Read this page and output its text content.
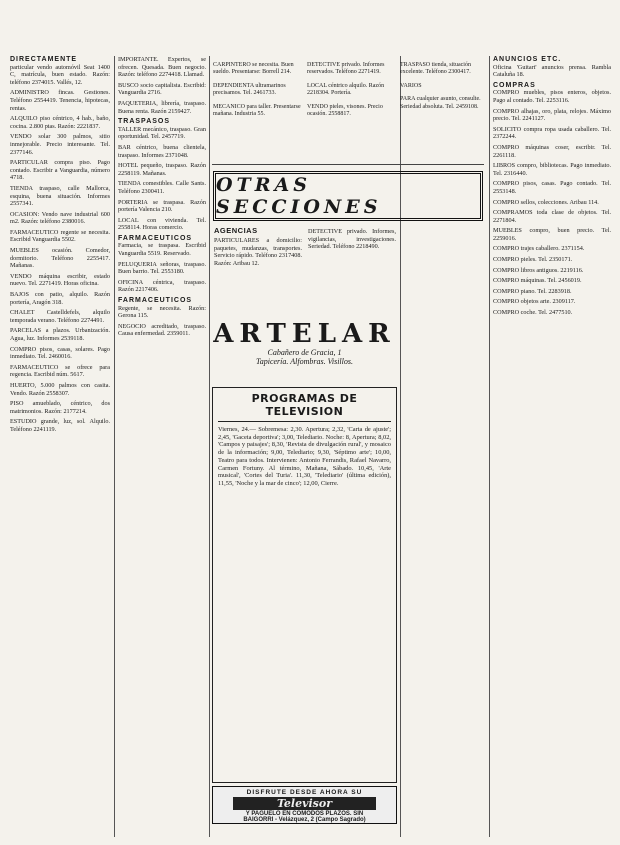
DIRECTAMENTE

particular vendo automóvil Seat 1400 C, matrícula, buen estado. Razón: teléfono 2374015. Vallés, 12.

ADMINISTRO fincas. Gestiones. Teléfono 2554419. Tenencia, hipotecas, rentas.

ALQUILO piso céntrico, 4 hab., baño, cocina. 2.800 ptas. Razón: 2221837.

VENDO solar 300 palmos, sitio inmejorable. Precio interesante. Tel. 2377146.

PARTICULAR compra piso. Pago contado. Escribir a Vanguardia, número 4718.

TIENDA traspaso, calle Mallorca, esquina, buena situación. Informes 2557341.

OCASION: Vendo nave industrial 600 m2. Razón: teléfono 2380016.

FARMACEUTICO regente se necesita. Escribid Vanguardia 5502.

MUEBLES ocasión. Comedor, dormitorio. Teléfono 2255417. Mañanas.

VENDO máquina escribir, estado nuevo. Tel. 2271419. Horas oficina.

BAJOS con patio, alquilo. Razón portería, Aragón 318.

CHALET Castelldefels, alquilo temporada verano. Teléfono 2274491.

PARCELAS a plazos. Urbanización. Agua, luz. Informes 2539118.

COMPRO pisos, casas, solares. Pago inmediato. Tel. 2460016.

FARMACEUTICO se ofrece para regencia. Escribid núm. 5617.

HUERTO, 5.000 palmos con casita. Vendo. Razón 2558307.

PISO amueblado, céntrico, dos matrimonios. Razón: 2177214.

ESTUDIO grande, luz, sol. Alquilo. Teléfono 2241119.

IMPORTANTE. Expertos, se ofrecen. Quesada. Buen negocio. Razón: teléfono 2274418. Llamad.

BUSCO socio capitalista. Escribid: Vanguardia 2716.

PAQUETERIA, librería, traspaso. Buena renta. Razón 2159427.

TRASPASOS

TALLER mecánico, traspaso. Gran oportunidad. Tel. 2457719.

BAR céntrico, buena clientela, traspaso. Informes 2371048.

HOTEL pequeño, traspaso. Razón 2258119. Mañanas.

TIENDA comestibles. Calle Sants. Teléfono 2300411.

PORTERIA se traspasa. Razón portería Valencia 210.

LOCAL con vivienda. Tel. 2558114. Horas comercio.

FARMACEUTICOS

Farmacia, se traspasa. Escribid Vanguardia 5519. Reservado.

PELUQUERIA señoras, traspaso. Buen barrio. Tel. 2553180.

OFICINA céntrica, traspaso. Razón 2217406.

FARMACEUTICOS

Regente, se necesita. Razón: Gerona 115.

NEGOCIO acreditado, traspaso. Causa enfermedad. 2359011.

ANUNCIOS ETC.

Oficina 'Guitart' anuncios prensa. Rambla Cataluña 18.

COMPRAS

COMPRO muebles, pisos enteros, objetos. Pago al contado. Tel. 2253116.

COMPRO alhajas, oro, plata, relojes. Máximo precio. Tel. 2241127.

SOLICITO compra ropa usada caballero. Tel. 2372244.

COMPRO máquinas coser, escribir. Tel. 2261118.

LIBROS compro, bibliotecas. Pago inmediato. Tel. 2316440.

COMPRO pisos, casas. Pago contado. Tel. 2553148.

COMPRO sellos, colecciones. Aribau 114.

COMPRAMOS toda clase de objetos. Tel. 2271804.

MUEBLES compro, buen precio. Tel. 2259016.

COMPRO trajes caballero. 2371154.

COMPRO pieles. Tel. 2350171.

COMPRO libros antiguos. 2219116.

COMPRO máquinas. Tel. 2456019.

COMPRO piano. Tel. 2283918.

COMPRO objetos arte. 2309117.

COMPRO coche. Tel. 2477510.

CARPINTERO se necesita. Buen sueldo. Presentarse: Borrell 214.

DEPENDIENTA ultramarinos precisamos. Tel. 2461733.

MECANICO para taller. Presentarse mañana. Industria 55.

DETECTIVE privado. Informes reservados. Teléfono 2271419.

LOCAL céntrico alquilo. Razón 2218304. Portería.

VENDO pieles, visones. Precio ocasión. 2558817.

TRASPASO tienda, situación excelente. Teléfono 2300417.

VARIOS

PARA cualquier asunto, consulte. Seriedad absoluta. Tel. 2459108.

OTRAS SECCIONES
AGENCIAS
PARTICULARES a domicilio: paquetes, mudanzas, transportes. Servicio rápido. Teléfono 2317408. Razón: Aribau 12.
DETECTIVE privado. Informes, vigilancias, investigaciones. Seriedad. Teléfono 2218490.
ARTELAR
Cabañero de Gracia, 1
Tapicería. Alfombras. Visillos.
PROGRAMAS DE TELEVISION
Viernes, 24.— Sobremesa: 2,30. Apertura; 2,32, 'Carta de ajuste'; 2,45, 'Gaceta deportiva'; 3,00, Telediario. Noche: 8, Apertura; 8,02, 'Campos y paisajes'; 8,30, 'Revista de divulgación rural', y mosaico de la información; 9,00, Telediario; 9,30, 'Séptimo arte'; 10,00, Teatro para todos. Intervienen: Antonio Ferrandis, Rafael Navarro, Carmen Fortuny. Al término, Mañana, Sábado. 10,45, 'Arte musical', 'Cortes del Turia'. 11,30, 'Telediario' (última edición), 11,55, 'Noche y la mar de cinco'; 12,00, Cierre.
DISFRUTE DESDE AHORA SU
Televisor
Y PAGUELO EN COMODOS PLAZOS. SIN
BAIGORRI - Velázquez, 2 (Campo Sagrado)
